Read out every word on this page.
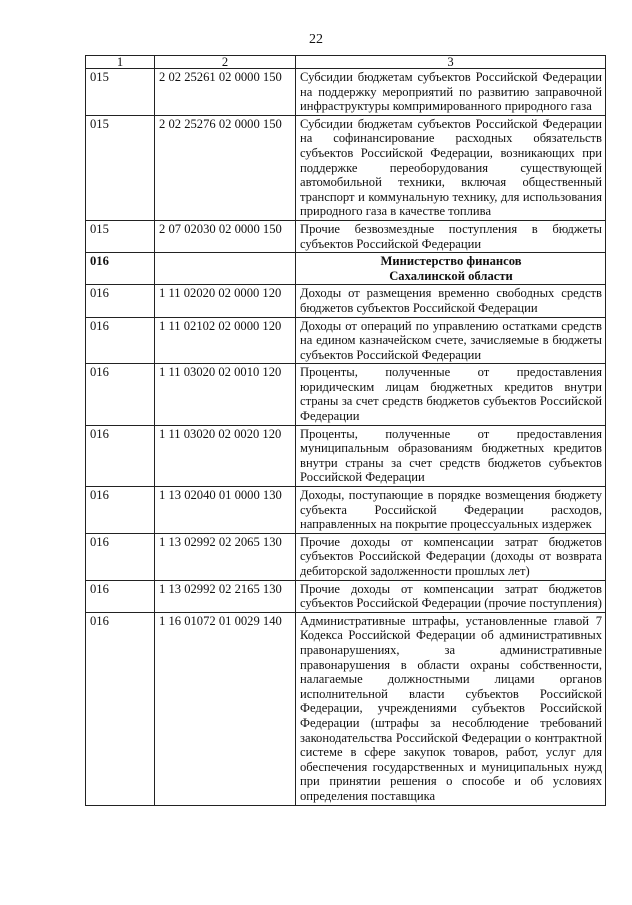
22
1	2	3
015	2 02 25261 02 0000 150	Субсидии бюджетам субъектов Российской Федерации на поддержку мероприятий по развитию заправочной инфраструктуры компримированного природного газа
015	2 02 25276 02 0000 150	Субсидии бюджетам субъектов Российской Федерации на софинансирование расходных обязательств субъектов Российской Федерации, возникающих при поддержке переоборудования существующей автомобильной техники, включая общественный транспорт и коммунальную технику, для использования природного газа в качестве топлива
015	2 07 02030 02 0000 150	Прочие безвозмездные поступления в бюджеты субъектов Российской Федерации
016		Министерство финансов
Сахалинской области

016	1 11 02020 02 0000 120	Доходы от размещения временно свободных средств бюджетов субъектов Российской Федерации
016	1 11 02102 02 0000 120	Доходы от операций по управлению остатками средств на едином казначейском счете, зачисляемые в бюджеты субъектов Российской Федерации
016	1 11 03020 02 0010 120	Проценты, полученные от предоставления юридическим лицам бюджетных кредитов внутри страны за счет средств бюджетов субъектов Российской Федерации
016	1 11 03020 02 0020 120	Проценты, полученные от предоставления муниципальным образованиям бюджетных кредитов внутри страны за счет средств бюджетов субъектов Российской Федерации
016	1 13 02040 01 0000 130	Доходы, поступающие в порядке возмещения бюджету субъекта Российской Федерации расходов, направленных на покрытие процессуальных издержек
016	1 13 02992 02 2065 130	Прочие доходы от компенсации затрат бюджетов субъектов Российской Федерации (доходы от возврата дебиторской задолженности прошлых лет)
016	1 13 02992 02 2165 130	Прочие доходы от компенсации затрат бюджетов субъектов Российской Федерации (прочие поступления)
016	1 16 01072 01 0029 140	Административные штрафы, установленные главой 7 Кодекса Российской Федерации об административных правонарушениях, за административные правонарушения в области охраны собственности, налагаемые должностными лицами органов исполнительной власти субъектов Российской Федерации, учреждениями субъектов Российской Федерации (штрафы за несоблюдение требований законодательства Российской Федерации о контрактной системе в сфере закупок товаров, работ, услуг для обеспечения государственных и муниципальных нужд при принятии решения о способе и об условиях определения поставщика
